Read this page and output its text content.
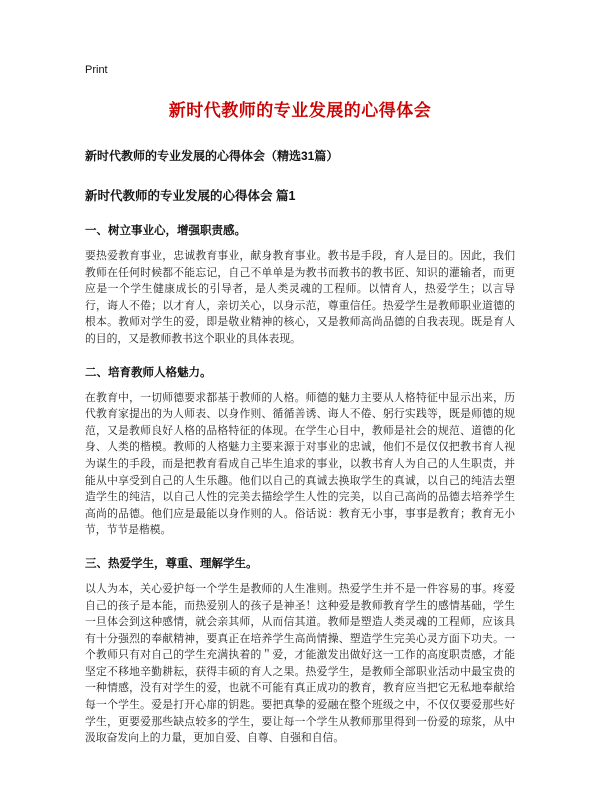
Print
新时代教师的专业发展的心得体会
新时代教师的专业发展的心得体会（精选31篇）
新时代教师的专业发展的心得体会 篇1
一、树立事业心，增强职责感。

要热爱教育事业，忠诚教育事业，献身教育事业。教书是手段，育人是目的。因此，我们教师在任何时候都不能忘记，自己不单单是为教书而教书的教书匠、知识的灌输者，而更应是一个学生健康成长的引导者，是人类灵魂的工程师。以情育人，热爱学生；以言导行，诲人不倦；以才育人，亲切关心，以身示范，尊重信任。热爱学生是教师职业道德的根本。教师对学生的爱，即是敬业精神的核心，又是教师高尚品德的自我表现。既是育人的目的，又是教师教书这个职业的具体表现。

二、培育教师人格魅力。

在教育中，一切师德要求都基于教师的人格。师德的魅力主要从人格特征中显示出来，历代教育家提出的为人师表、以身作则、循循善诱、诲人不倦、躬行实践等，既是师德的规范，又是教师良好人格的品格特征的体现。在学生心目中，教师是社会的规范、道德的化身、人类的楷模。教师的人格魅力主要来源于对事业的忠诚，他们不是仅仅把教书育人视为谋生的手段，而是把教育看成自己毕生追求的事业，以教书育人为自己的人生职责，并能从中享受到自己的人生乐趣。他们以自己的真诚去换取学生的真诚，以自己的纯洁去塑造学生的纯洁，以自己人性的完美去描绘学生人性的完美，以自己高尚的品德去培养学生高尚的品德。他们应是最能以身作则的人。俗话说：教育无小事，事事是教育；教育无小节，节节是楷模。

三、热爱学生，尊重、理解学生。

以人为本，关心爱护每一个学生是教师的人生准则。热爱学生并不是一件容易的事。疼爱自己的孩子是本能，而热爱别人的孩子是神圣！这种爱是教师教育学生的感情基础，学生一旦体会到这种感情，就会亲其师，从而信其道。教师是塑造人类灵魂的工程师，应该具有十分强烈的奉献精神，要真正在培养学生高尚情操、塑造学生完美心灵方面下功夫。一个教师只有对自己的学生充满执着的＂爱，才能激发出做好这一工作的高度职责感，才能坚定不移地辛勤耕耘，获得丰硕的育人之果。热爱学生，是教师全部职业活动中最宝贵的一种情感，没有对学生的爱，也就不可能有真正成功的教育，教育应当把它无私地奉献给每一个学生。爱是打开心扉的钥匙。要把真挚的爱融在整个班级之中，不仅仅要爱那些好学生，更要爱那些缺点较多的学生，要让每一个学生从教师那里得到一份爱的琼浆，从中汲取奋发向上的力量，更加自爱、自尊、自强和自信。
